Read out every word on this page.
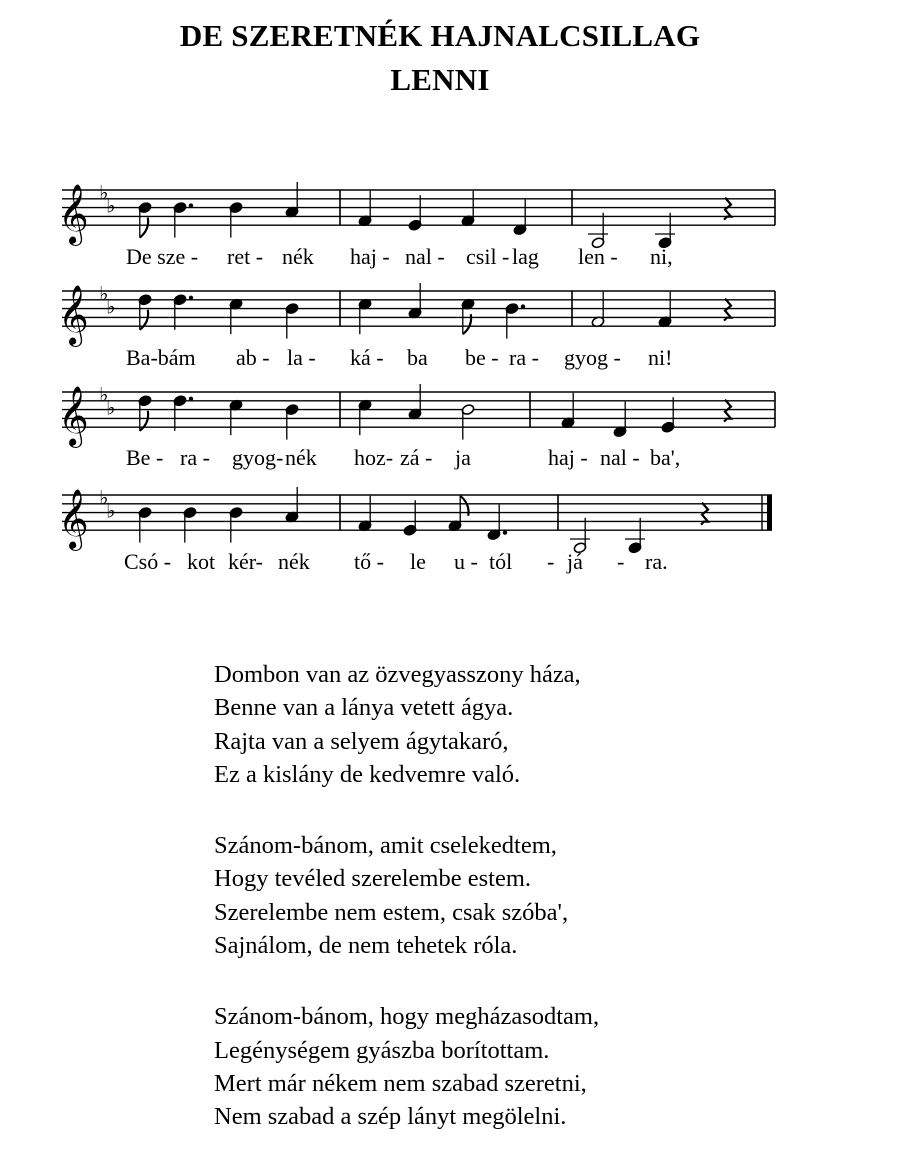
DE SZERETNÉK HAJNALCSILLAG
LENNI
𝄞 ♭
♭
𝄞 ♭
♭
𝄞 ♭
♭
𝄞 ♭
♭
De sze - ret - nék haj - nal - csil - lag len - ni,
Ba-bám ab - la - ká - ba be - ra - gyog - ni!
Be - ra - gyog- nék hoz- zá - ja	haj - nal - ba',
Csó - kot kér- nék tő - le u - tól - já - ra.
Dombon van az özvegyasszony háza,
Benne van a lánya vetett ágya.
Rajta van a selyem ágytakaró,
Ez a kislány de kedvemre való.
Szánom-bánom, amit cselekedtem,
Hogy tevéled szerelembe estem.
Szerelembe nem estem, csak szóba',
Sajnálom, de nem tehetek róla.
Szánom-bánom, hogy megházasodtam,
Legénységem gyászba borítottam.
Mert már nékem nem szabad szeretni,
Nem szabad a szép lányt megölelni.
